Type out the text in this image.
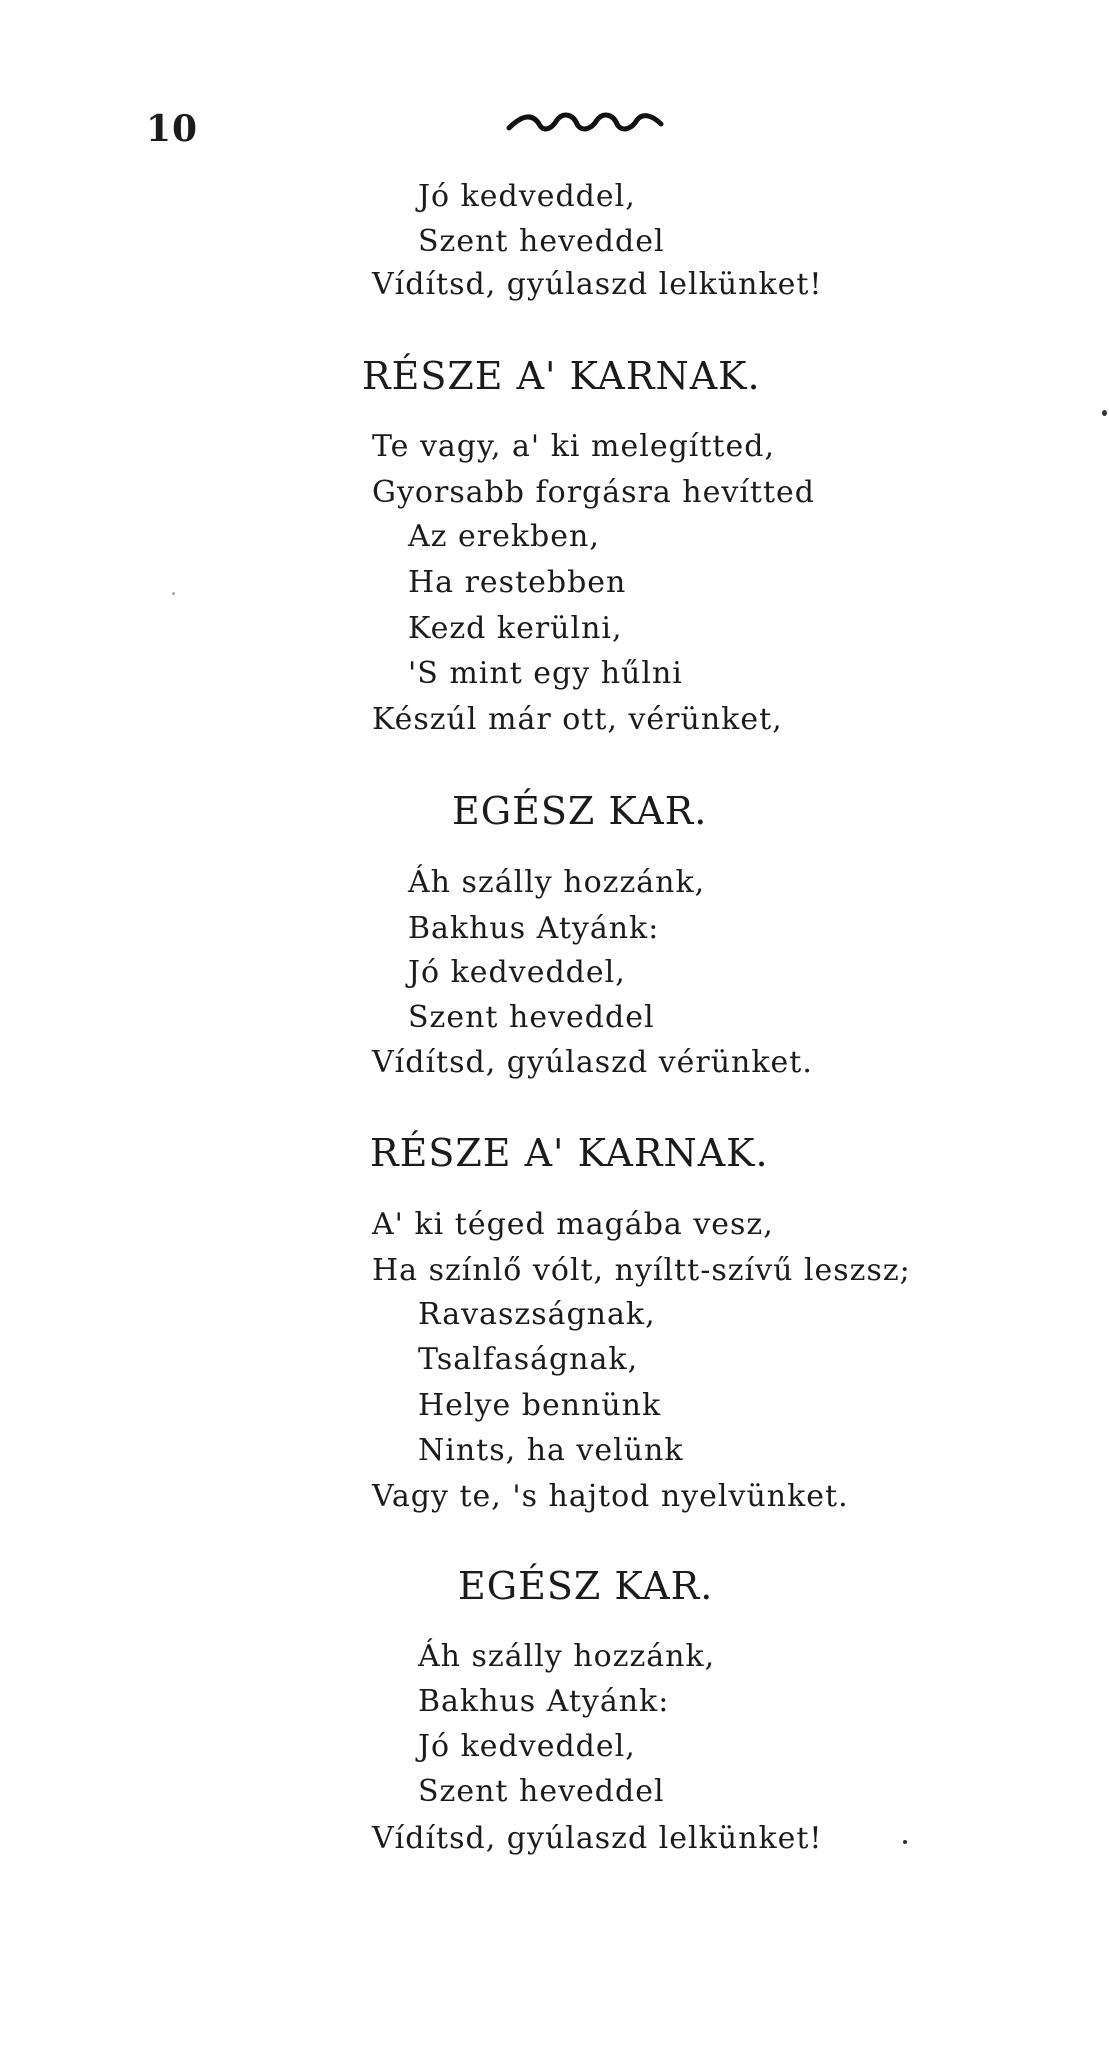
10
Jó kedveddel,
Szent heveddel
Vídítsd, gyúlaszd lelkünket!
RÉSZE A' KARNAK.
Te vagy, a' ki melegítted,
Gyorsabb forgásra hevítted
Az erekben,
Ha restebben
Kezd kerülni,
'S mint egy hűlni
Készúl már ott, vérünket,
EGÉSZ KAR.
Áh szálly hozzánk,
Bakhus Atyánk:
Jó kedveddel,
Szent heveddel
Vídítsd, gyúlaszd vérünket.
RÉSZE A' KARNAK.
A' ki téged magába vesz,
Ha színlő vólt, nyíltt-szívű leszsz;
Ravaszságnak,
Tsalfaságnak,
Helye bennünk
Nints, ha velünk
Vagy te, 's hajtod nyelvünket.
EGÉSZ KAR.
Áh szálly hozzánk,
Bakhus Atyánk:
Jó kedveddel,
Szent heveddel
Vídítsd, gyúlaszd lelkünket!
